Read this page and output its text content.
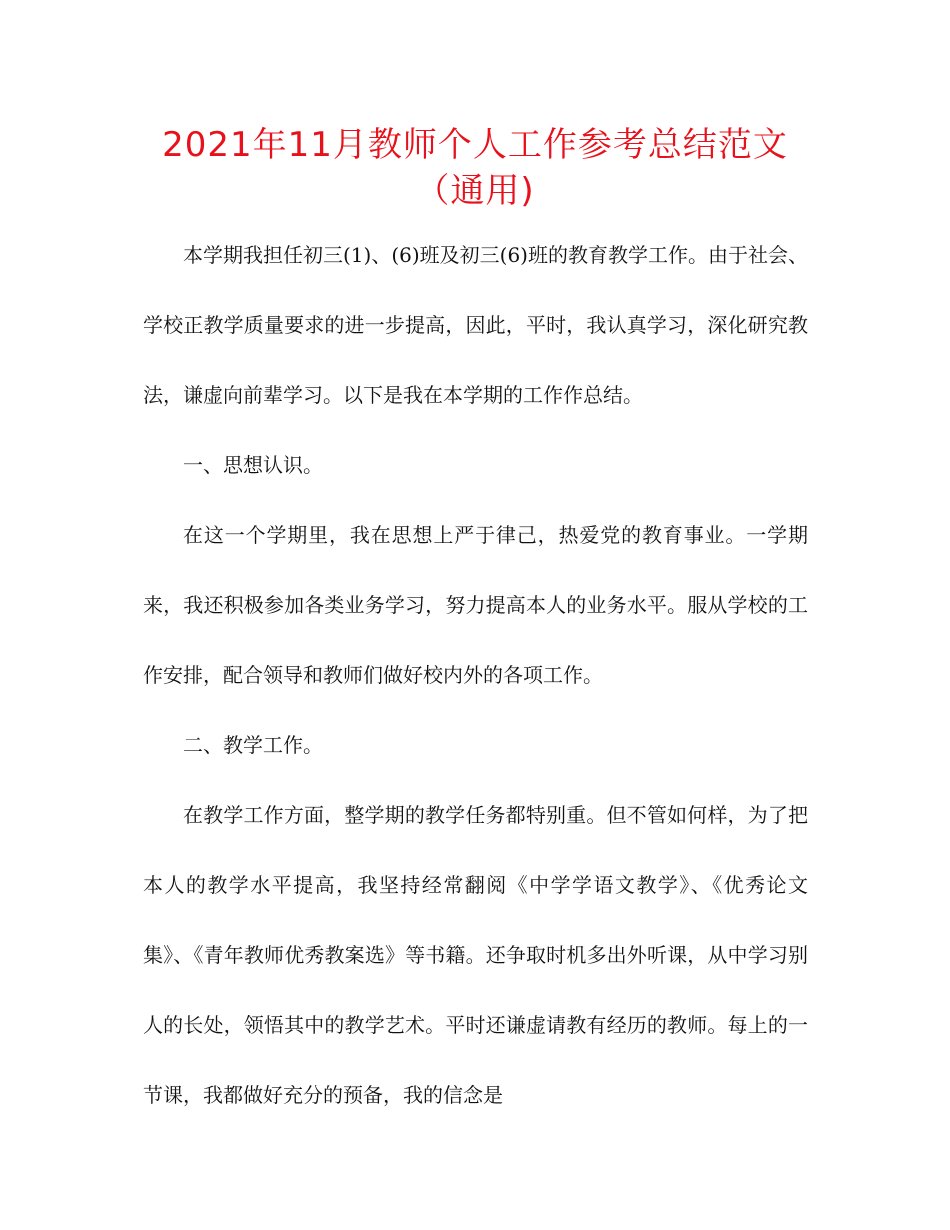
2021年11月教师个人工作参考总结范文（通用)

本学期我担任初三(1)、(6)班及初三(6)班的教育教学工作。由于社会、学校正教学质量要求的进一步提高，因此，平时，我认真学习，深化研究教法，谦虚向前辈学习。以下是我在本学期的工作作总结。

一、思想认识。

在这一个学期里，我在思想上严于律己，热爱党的教育事业。一学期来，我还积极参加各类业务学习，努力提高本人的业务水平。服从学校的工作安排，配合领导和教师们做好校内外的各项工作。

二、教学工作。

在教学工作方面，整学期的教学任务都特别重。但不管如何样，为了把本人的教学水平提高，我坚持经常翻阅《中学学语文教学》、《优秀论文集》、《青年教师优秀教案选》等书籍。还争取时机多出外听课，从中学习别人的长处，领悟其中的教学艺术。平时还谦虚请教有经历的教师。每上的一节课，我都做好充分的预备，我的信念是
